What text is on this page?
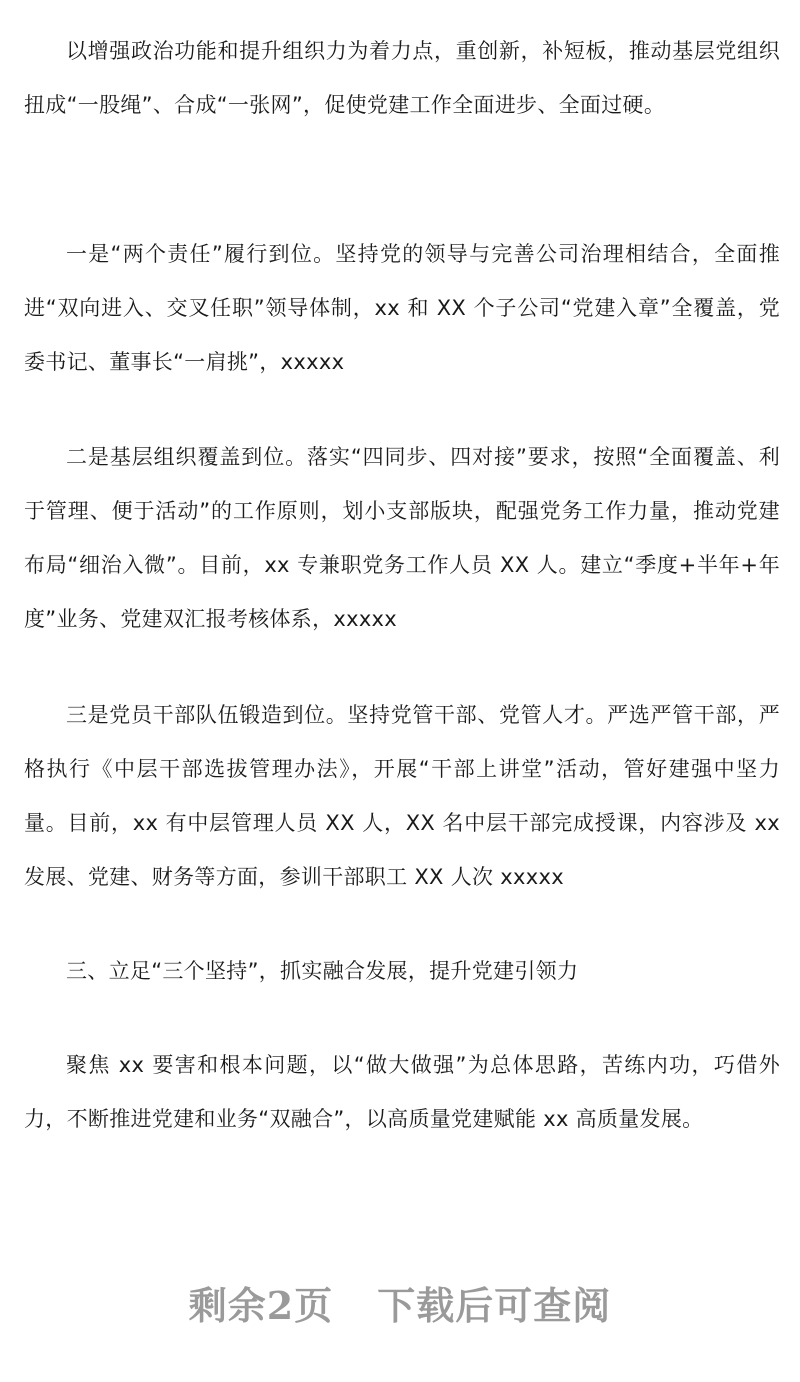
以增强政治功能和提升组织力为着力点，重创新，补短板，推动基层党组织扭成“一股绳”、合成“一张网”，促使党建工作全面进步、全面过硬。

一是“两个责任”履行到位。坚持党的领导与完善公司治理相结合，全面推进“双向进入、交叉任职”领导体制，xx 和 XX 个子公司“党建入章”全覆盖，党委书记、董事长“一肩挑”，xxxxx

二是基层组织覆盖到位。落实“四同步、四对接”要求，按照“全面覆盖、利于管理、便于活动”的工作原则，划小支部版块，配强党务工作力量，推动党建布局“细治入微”。目前，xx 专兼职党务工作人员 XX 人。建立“季度+半年+年度”业务、党建双汇报考核体系，xxxxx

三是党员干部队伍锻造到位。坚持党管干部、党管人才。严选严管干部，严格执行《中层干部选拔管理办法》，开展“干部上讲堂”活动，管好建强中坚力量。目前，xx 有中层管理人员 XX 人，XX 名中层干部完成授课，内容涉及 xx 发展、党建、财务等方面，参训干部职工 XX 人次 xxxxx

三、立足“三个坚持”，抓实融合发展，提升党建引领力

聚焦 xx 要害和根本问题，以“做大做强”为总体思路，苦练内功，巧借外力，不断推进党建和业务“双融合”，以高质量党建赋能 xx 高质量发展。

剩余2页 下载后可查阅
